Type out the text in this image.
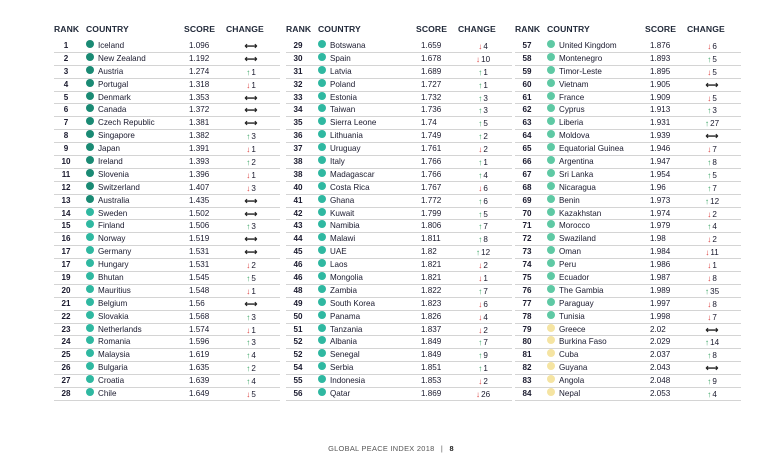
RANK COUNTRY	SCORE CHANGE
1	Iceland	1.096	⟷
2	New Zealand	1.192	⟷
3	Austria	1.274	↑1
4	Portugal	1.318	↓1
5	Denmark	1.353	⟷
6	Canada	1.372	⟷
7	Czech Republic	1.381	⟷
8	Singapore	1.382	↑3
9	Japan	1.391	↓1
10	Ireland	1.393	↑2
11	Slovenia	1.396	↓1
12	Switzerland	1.407	↓3
13	Australia	1.435	⟷
14	Sweden	1.502	⟷
15	Finland	1.506	↑3
16	Norway	1.519	⟷
17	Germany	1.531	⟷
17	Hungary	1.531	↓2
19	Bhutan	1.545	↑5
20	Mauritius	1.548	↓1
21	Belgium	1.56	⟷
22	Slovakia	1.568	↑3
23	Netherlands	1.574	↓1
24	Romania	1.596	↑3
25	Malaysia	1.619	↑4
26	Bulgaria	1.635	↑2
27	Croatia	1.639	↑4
28	Chile	1.649	↓5
RANK COUNTRY	SCORE CHANGE
29	Botswana	1.659	↓4
30	Spain	1.678	↓10
31	Latvia	1.689	↑1
32	Poland	1.727	↑1
33	Estonia	1.732	↑3
34	Taiwan	1.736	↑3
35	Sierra Leone	1.74	↑5
36	Lithuania	1.749	↑2
37	Uruguay	1.761	↓2
38	Italy	1.766	↑1
38	Madagascar	1.766	↑4
40	Costa Rica	1.767	↓6
41	Ghana	1.772	↑6
42	Kuwait	1.799	↑5
43	Namibia	1.806	↑7
44	Malawi	1.811	↑8
45	UAE	1.82	↑12
46	Laos	1.821	↓2
46	Mongolia	1.821	↓1
48	Zambia	1.822	↑7
49	South Korea	1.823	↓6
50	Panama	1.826	↓4
51	Tanzania	1.837	↓2
52	Albania	1.849	↑7
52	Senegal	1.849	↑9
54	Serbia	1.851	↑1
55	Indonesia	1.853	↓2
56	Qatar	1.869	↓26
RANK COUNTRY	SCORE CHANGE
57	United Kingdom	1.876	↓6
58	Montenegro	1.893	↑5
59	Timor-Leste	1.895	↓5
60	Vietnam	1.905	⟷
61	France	1.909	↓5
62	Cyprus	1.913	↑3
63	Liberia	1.931	↑27
64	Moldova	1.939	⟷
65	Equatorial Guinea	1.946	↓7
66	Argentina	1.947	↑8
67	Sri Lanka	1.954	↑5
68	Nicaragua	1.96	↑7
69	Benin	1.973	↑12
70	Kazakhstan	1.974	↓2
71	Morocco	1.979	↑4
72	Swaziland	1.98	↓2
73	Oman	1.984	↓11
74	Peru	1.986	↓1
75	Ecuador	1.987	↓8
76	The Gambia	1.989	↑35
77	Paraguay	1.997	↓8
78	Tunisia	1.998	↓7
79	Greece	2.02	⟷
80	Burkina Faso	2.029	↑14
81	Cuba	2.037	↑8
82	Guyana	2.043	⟷
83	Angola	2.048	↑9
84	Nepal	2.053	↑4
GLOBAL PEACE INDEX 2018 | 8
